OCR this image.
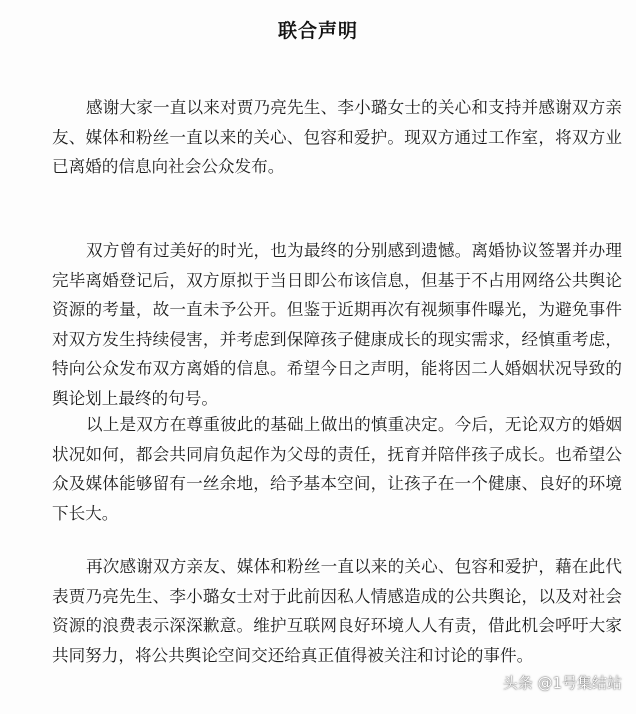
联合声明

感谢大家一直以来对贾乃亮先生、李小璐女士的关心和支持并感谢双方亲友、媒体和粉丝一直以来的关心、包容和爱护。现双方通过工作室，将双方业已离婚的信息向社会公众发布。

双方曾有过美好的时光，也为最终的分别感到遗憾。离婚协议签署并办理完毕离婚登记后，双方原拟于当日即公布该信息，但基于不占用网络公共舆论资源的考量，故一直未予公开。但鉴于近期再次有视频事件曝光，为避免事件对双方发生持续侵害，并考虑到保障孩子健康成长的现实需求，经慎重考虑，特向公众发布双方离婚的信息。希望今日之声明，能将因二人婚姻状况导致的舆论划上最终的句号。

以上是双方在尊重彼此的基础上做出的慎重决定。今后，无论双方的婚姻状况如何，都会共同肩负起作为父母的责任，抚育并陪伴孩子成长。也希望公众及媒体能够留有一丝余地，给予基本空间，让孩子在一个健康、良好的环境下长大。

再次感谢双方亲友、媒体和粉丝一直以来的关心、包容和爱护，藉在此代表贾乃亮先生、李小璐女士对于此前因私人情感造成的公共舆论，以及对社会资源的浪费表示深深歉意。维护互联网良好环境人人有责，借此机会呼吁大家共同努力，将公共舆论空间交还给真正值得被关注和讨论的事件。

头条 @1号集结站
